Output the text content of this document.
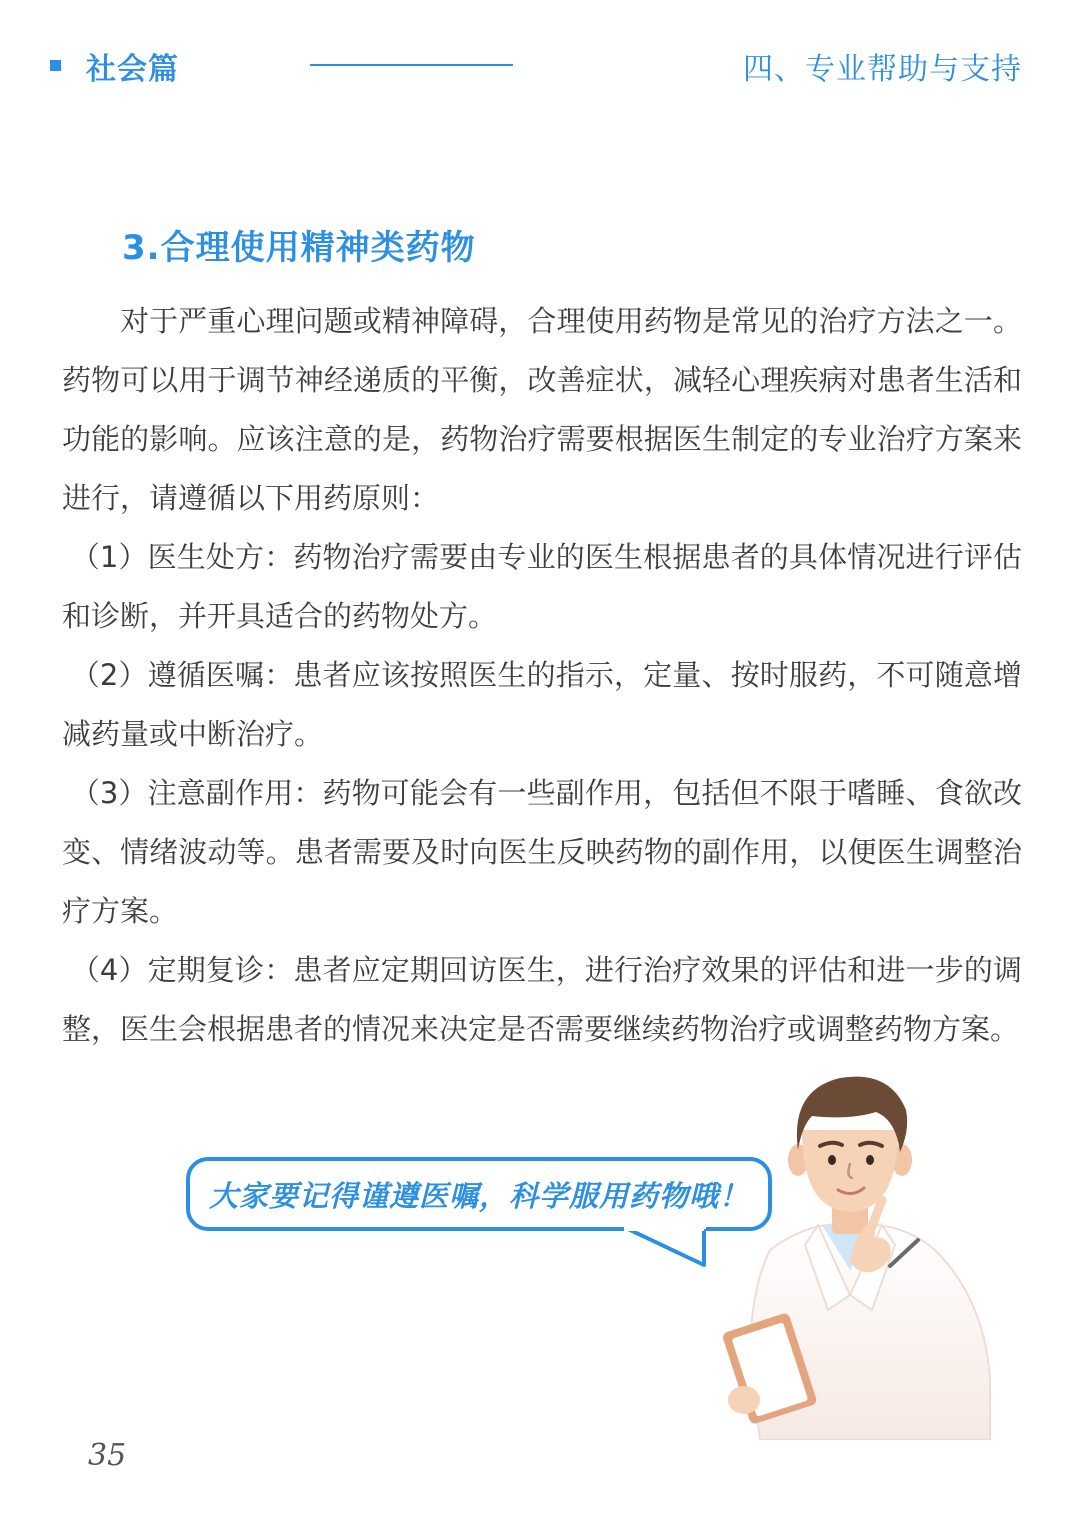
社会篇	四、专业帮助与支持
3.合理使用精神类药物

对于严重心理问题或精神障碍，合理使用药物是常见的治疗方法之一。药物可以用于调节神经递质的平衡，改善症状，减轻心理疾病对患者生活和功能的影响。应该注意的是，药物治疗需要根据医生制定的专业治疗方案来进行，请遵循以下用药原则：

（1）医生处方：药物治疗需要由专业的医生根据患者的具体情况进行评估和诊断，并开具适合的药物处方。

（2）遵循医嘱：患者应该按照医生的指示，定量、按时服药，不可随意增减药量或中断治疗。

（3）注意副作用：药物可能会有一些副作用，包括但不限于嗜睡、食欲改变、情绪波动等。患者需要及时向医生反映药物的副作用，以便医生调整治疗方案。

（4）定期复诊：患者应定期回访医生，进行治疗效果的评估和进一步的调整，医生会根据患者的情况来决定是否需要继续药物治疗或调整药物方案。

大家要记得谨遵医嘱，科学服用药物哦！
35
